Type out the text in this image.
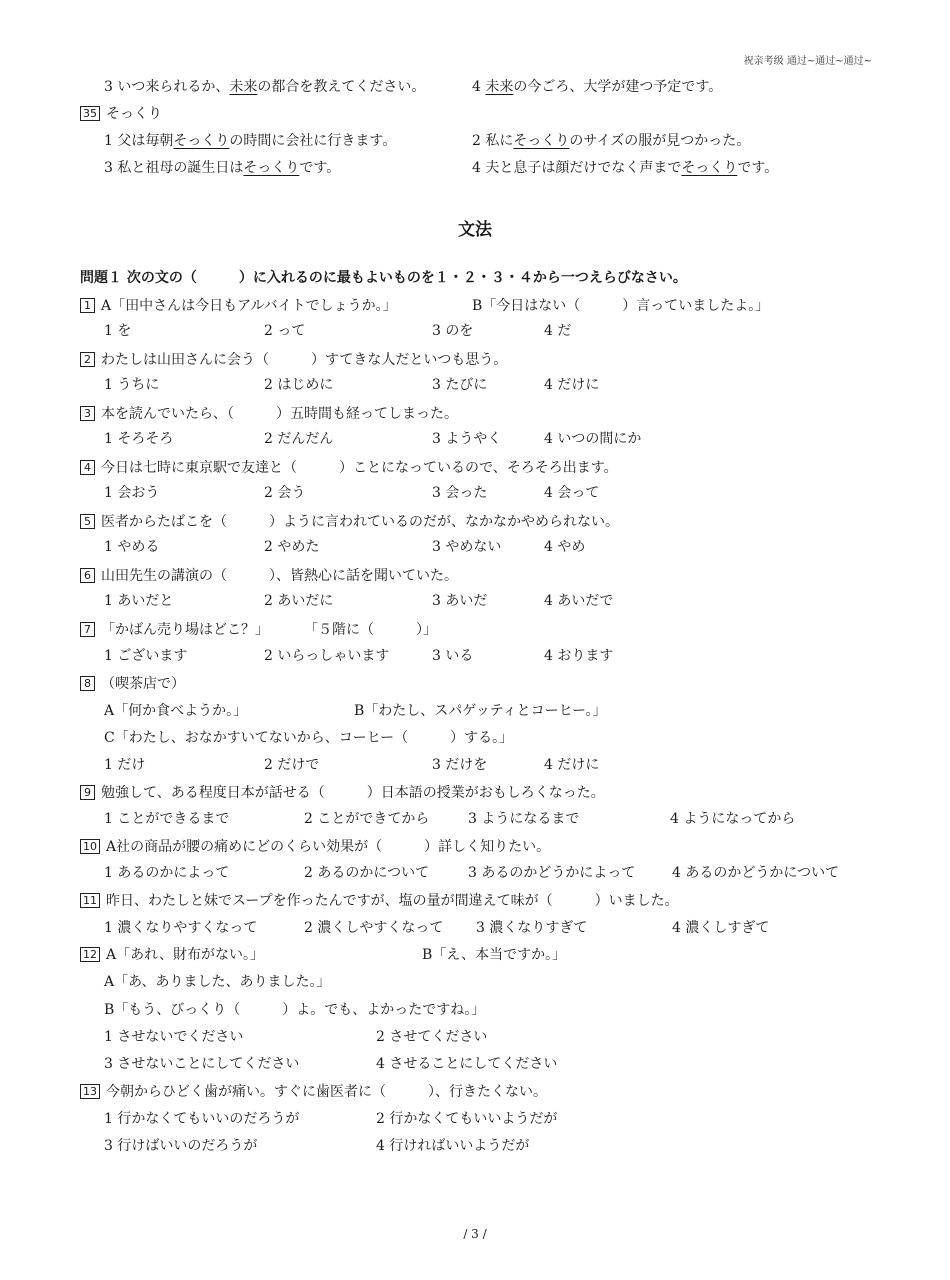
祝亲考级 通过~通过~通过~
3 いつ来られるか、未来の都合を教えてください。	4 未来の今ごろ、大学が建つ予定です。
35 そっくり
1 父は毎朝そっくりの時間に会社に行きます。	2 私にそっくりのサイズの服が見つかった。
3 私と祖母の誕生日はそっくりです。	4 夫と息子は顔だけでなく声までそっくりです。
文法
問題１ 次の文の（　　　）に入れるのに最もよいものを１・２・３・４から一つえらびなさい。
1 A「田中さんは今日もアルバイトでしょうか。」	B「今日はない（　　　）言っていましたよ。」
1 を	2 って	3 のを	4 だ
2 わたしは山田さんに会う（　　　）すてきな人だといつも思う。
1 うちに	2 はじめに	3 たびに	4 だけに
3 本を読んでいたら、（　　　）五時間も経ってしまった。
1 そろそろ	2 だんだん	3 ようやく	4 いつの間にか
4 今日は七時に東京駅で友達と（　　　）ことになっているので、そろそろ出ます。
1 会おう	2 会う	3 会った	4 会って
5 医者からたばこを（　　　）ように言われているのだが、なかなかやめられない。
1 やめる	2 やめた	3 やめない	4 やめ
6 山田先生の講演の（　　　）、皆熱心に話を聞いていた。
1 あいだと	2 あいだに	3 あいだ	4 あいだで
7 「かばん売り場はどこ？」	「５階に（　　　）」
1 ございます	2 いらっしゃいます	3 いる	4 おります
8 （喫茶店で）
A「何か食べようか。」	B「わたし、スパゲッティとコーヒー。」
C「わたし、おなかすいてないから、コーヒー（　　　）する。」
1 だけ	2 だけで	3 だけを	4 だけに
9 勉強して、ある程度日本が話せる（　　　）日本語の授業がおもしろくなった。
1 ことができるまで	2 ことができてから	3 ようになるまで	4 ようになってから
10 A社の商品が腰の痛めにどのくらい効果が（　　　）詳しく知りたい。
1 あるのかによって	2 あるのかについて	3 あるのかどうかによって	4 あるのかどうかについて
11 昨日、わたしと妹でスープを作ったんですが、塩の量が間違えて味が（　　　）いました。
1 濃くなりやすくなって	2 濃くしやすくなって 3 濃くなりすぎて	4 濃くしすぎて
12 A「あれ、財布がない。」	B「え、本当ですか。」
A「あ、ありました、ありました。」
B「もう、びっくり（　　　）よ。でも、よかったですね。」
1 させないでください	2 させてください
3 させないことにしてください	4 させることにしてください
13 今朝からひどく歯が痛い。すぐに歯医者に（　　　）、行きたくない。
1 行かなくてもいいのだろうが	2 行かなくてもいいようだが
3 行けばいいのだろうが	4 行ければいいようだが
/ 3 /
